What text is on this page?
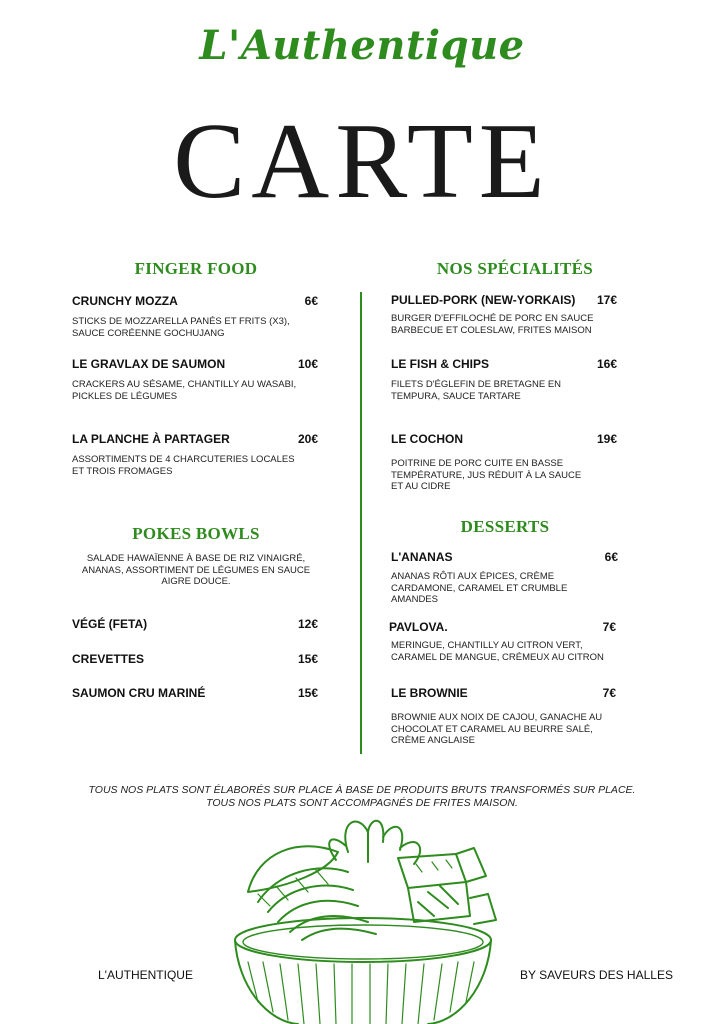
L'Authentique
CARTE
FINGER FOOD
CRUNCHY MOZZA	6€
STICKS DE MOZZARELLA PANÉS ET FRITS (X3),
SAUCE CORÉENNE GOCHUJANG
LE GRAVLAX DE SAUMON	10€
CRACKERS AU SÉSAME, CHANTILLY AU WASABI,
PICKLES DE LÉGUMES
LA PLANCHE À PARTAGER	20€
ASSORTIMENTS DE 4 CHARCUTERIES LOCALES
ET TROIS FROMAGES
POKES BOWLS
SALADE HAWAÏENNE À BASE DE RIZ VINAIGRÉ,
ANANAS, ASSORTIMENT DE LÉGUMES EN SAUCE
AIGRE DOUCE.
VÉGÉ (FETA)	12€
CREVETTES	15€
SAUMON CRU MARINÉ	15€
NOS SPÉCIALITÉS
PULLED-PORK (NEW-YORKAIS)	17€
BURGER D'EFFILOCHÉ DE PORC EN SAUCE
BARBECUE ET COLESLAW, FRITES MAISON
LE FISH & CHIPS	16€
FILETS D'ÉGLEFIN DE BRETAGNE EN
TEMPURA, SAUCE TARTARE
LE COCHON	19€
POITRINE DE PORC CUITE EN BASSE
TEMPÉRATURE, JUS RÉDUIT À LA SAUCE
ET AU CIDRE
DESSERTS
L'ANANAS	6€
ANANAS RÔTI AUX ÉPICES, CRÈME
CARDAMONE, CARAMEL ET CRUMBLE
AMANDES
PAVLOVA.	7€
MERINGUE, CHANTILLY AU CITRON VERT,
CARAMEL DE MANGUE, CRÉMEUX AU CITRON
LE BROWNIE	7€
BROWNIE AUX NOIX DE CAJOU, GANACHE AU
CHOCOLAT ET CARAMEL AU BEURRE SALÉ,
CRÈME ANGLAISE
TOUS NOS PLATS SONT ÉLABORÉS SUR PLACE À BASE DE PRODUITS BRUTS TRANSFORMÉS SUR PLACE.
TOUS NOS PLATS SONT ACCOMPAGNÉS DE FRITES MAISON.
L'AUTHENTIQUE	BY SAVEURS DES HALLES
